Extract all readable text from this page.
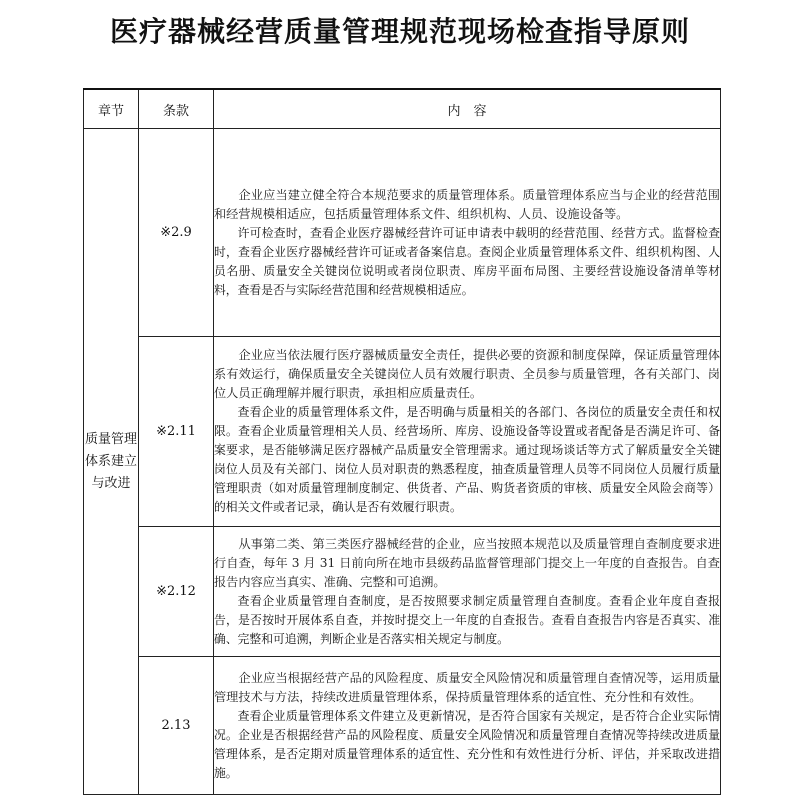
医疗器械经营质量管理规范现场检查指导原则
章节	条款	内　容
质量管理体系建立与改进	※2.9	企业应当建立健全符合本规范要求的质量管理体系。质量管理体系应当与企业的经营范围和经营规模相适应，包括质量管理体系文件、组织机构、人员、设施设备等。

许可检查时，查看企业医疗器械经营许可证申请表中载明的经营范围、经营方式。监督检查时，查看企业医疗器械经营许可证或者备案信息。查阅企业质量管理体系文件、组织机构图、人员名册、质量安全关键岗位说明或者岗位职责、库房平面布局图、主要经营设施设备清单等材料，查看是否与实际经营范围和经营规模相适应。

	※2.11	企业应当依法履行医疗器械质量安全责任，提供必要的资源和制度保障，保证质量管理体系有效运行，确保质量安全关键岗位人员有效履行职责、全员参与质量管理，各有关部门、岗位人员正确理解并履行职责，承担相应质量责任。

查看企业的质量管理体系文件，是否明确与质量相关的各部门、各岗位的质量安全责任和权限。查看企业质量管理相关人员、经营场所、库房、设施设备等设置或者配备是否满足许可、备案要求，是否能够满足医疗器械产品质量安全管理需求。通过现场谈话等方式了解质量安全关键岗位人员及有关部门、岗位人员对职责的熟悉程度，抽查质量管理人员等不同岗位人员履行质量管理职责（如对质量管理制度制定、供货者、产品、购货者资质的审核、质量安全风险会商等）的相关文件或者记录，确认是否有效履行职责。

	※2.12	从事第二类、第三类医疗器械经营的企业，应当按照本规范以及质量管理自查制度要求进行自查，每年 3 月 31 日前向所在地市县级药品监督管理部门提交上一年度的自查报告。自查报告内容应当真实、准确、完整和可追溯。

查看企业质量管理自查制度，是否按照要求制定质量管理自查制度。查看企业年度自查报告，是否按时开展体系自查，并按时提交上一年度的自查报告。查看自查报告内容是否真实、准确、完整和可追溯，判断企业是否落实相关规定与制度。

	2.13	企业应当根据经营产品的风险程度、质量安全风险情况和质量管理自查情况等，运用质量管理技术与方法，持续改进质量管理体系，保持质量管理体系的适宜性、充分性和有效性。

查看企业质量管理体系文件建立及更新情况，是否符合国家有关规定，是否符合企业实际情况。企业是否根据经营产品的风险程度、质量安全风险情况和质量管理自查情况等持续改进质量管理体系，是否定期对质量管理体系的适宜性、充分性和有效性进行分析、评估，并采取改进措施。
